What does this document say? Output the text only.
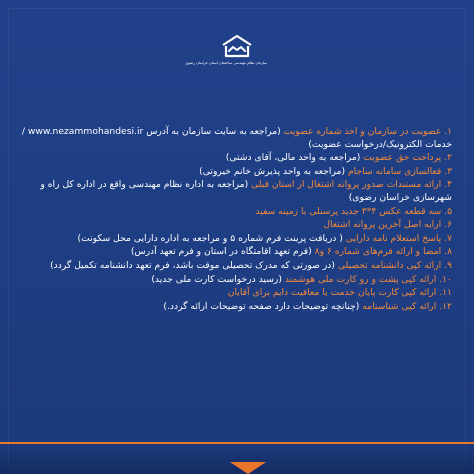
سازمان نظام مهندسی ساختمان استان خراسان رضوی
۱. عضویت در سازمان و اخذ شماره عضویت (مراجعه به سایت سازمان به آدرس www.nezammohandesi.ir / خدمات الکترونیک/درخواست عضویت)
۲. پرداخت حق عضویت (مراجعه به واحد مالی، آقای دشتی)
۳. فعالسازی سامانه ساجام (مراجعه به واحد پذیرش خانم خیروتی)
۴. ارائه مستندات صدور پروانه اشتغال از استان قبلی (مراجعه به اداره نظام مهندسی واقع در اداره کل راه و شهرسازی خراسان رضوی)
۵. سه قطعه عکس ۴*۳ جدید پرسنلی با زمینه سفید
۶. ارایه اصل آخرین پروانه اشتغال
۷. پاسخ استعلام نامه دارایی ( دریافت پرینت فرم شماره ۵ و مراجعه به اداره دارایی محل سکونت)
۸. امضا و ارائه فرم‌های شماره ۶ و۸ (فرم تعهد اقامتگاه در استان و فرم تعهد آدرس)
۹. ارائه کپی دانشنامه تحصیلی (در صورتی که مدرک تحصیلی موقت باشد، فرم تعهد دانشنامه تکمیل گردد)
۱۰. ارائه کپی پشت و رو کارت ملی هوشمند (رسید درخواست کارت ملی جدید)
۱۱. ارائه کپی کارت پایان خدمت یا معافیت دایم برای آقایان
۱۲. ارائه کپی شناسنامه (چنانچه توضیحات دارد صفحه توضیحات ارائه گردد.)
